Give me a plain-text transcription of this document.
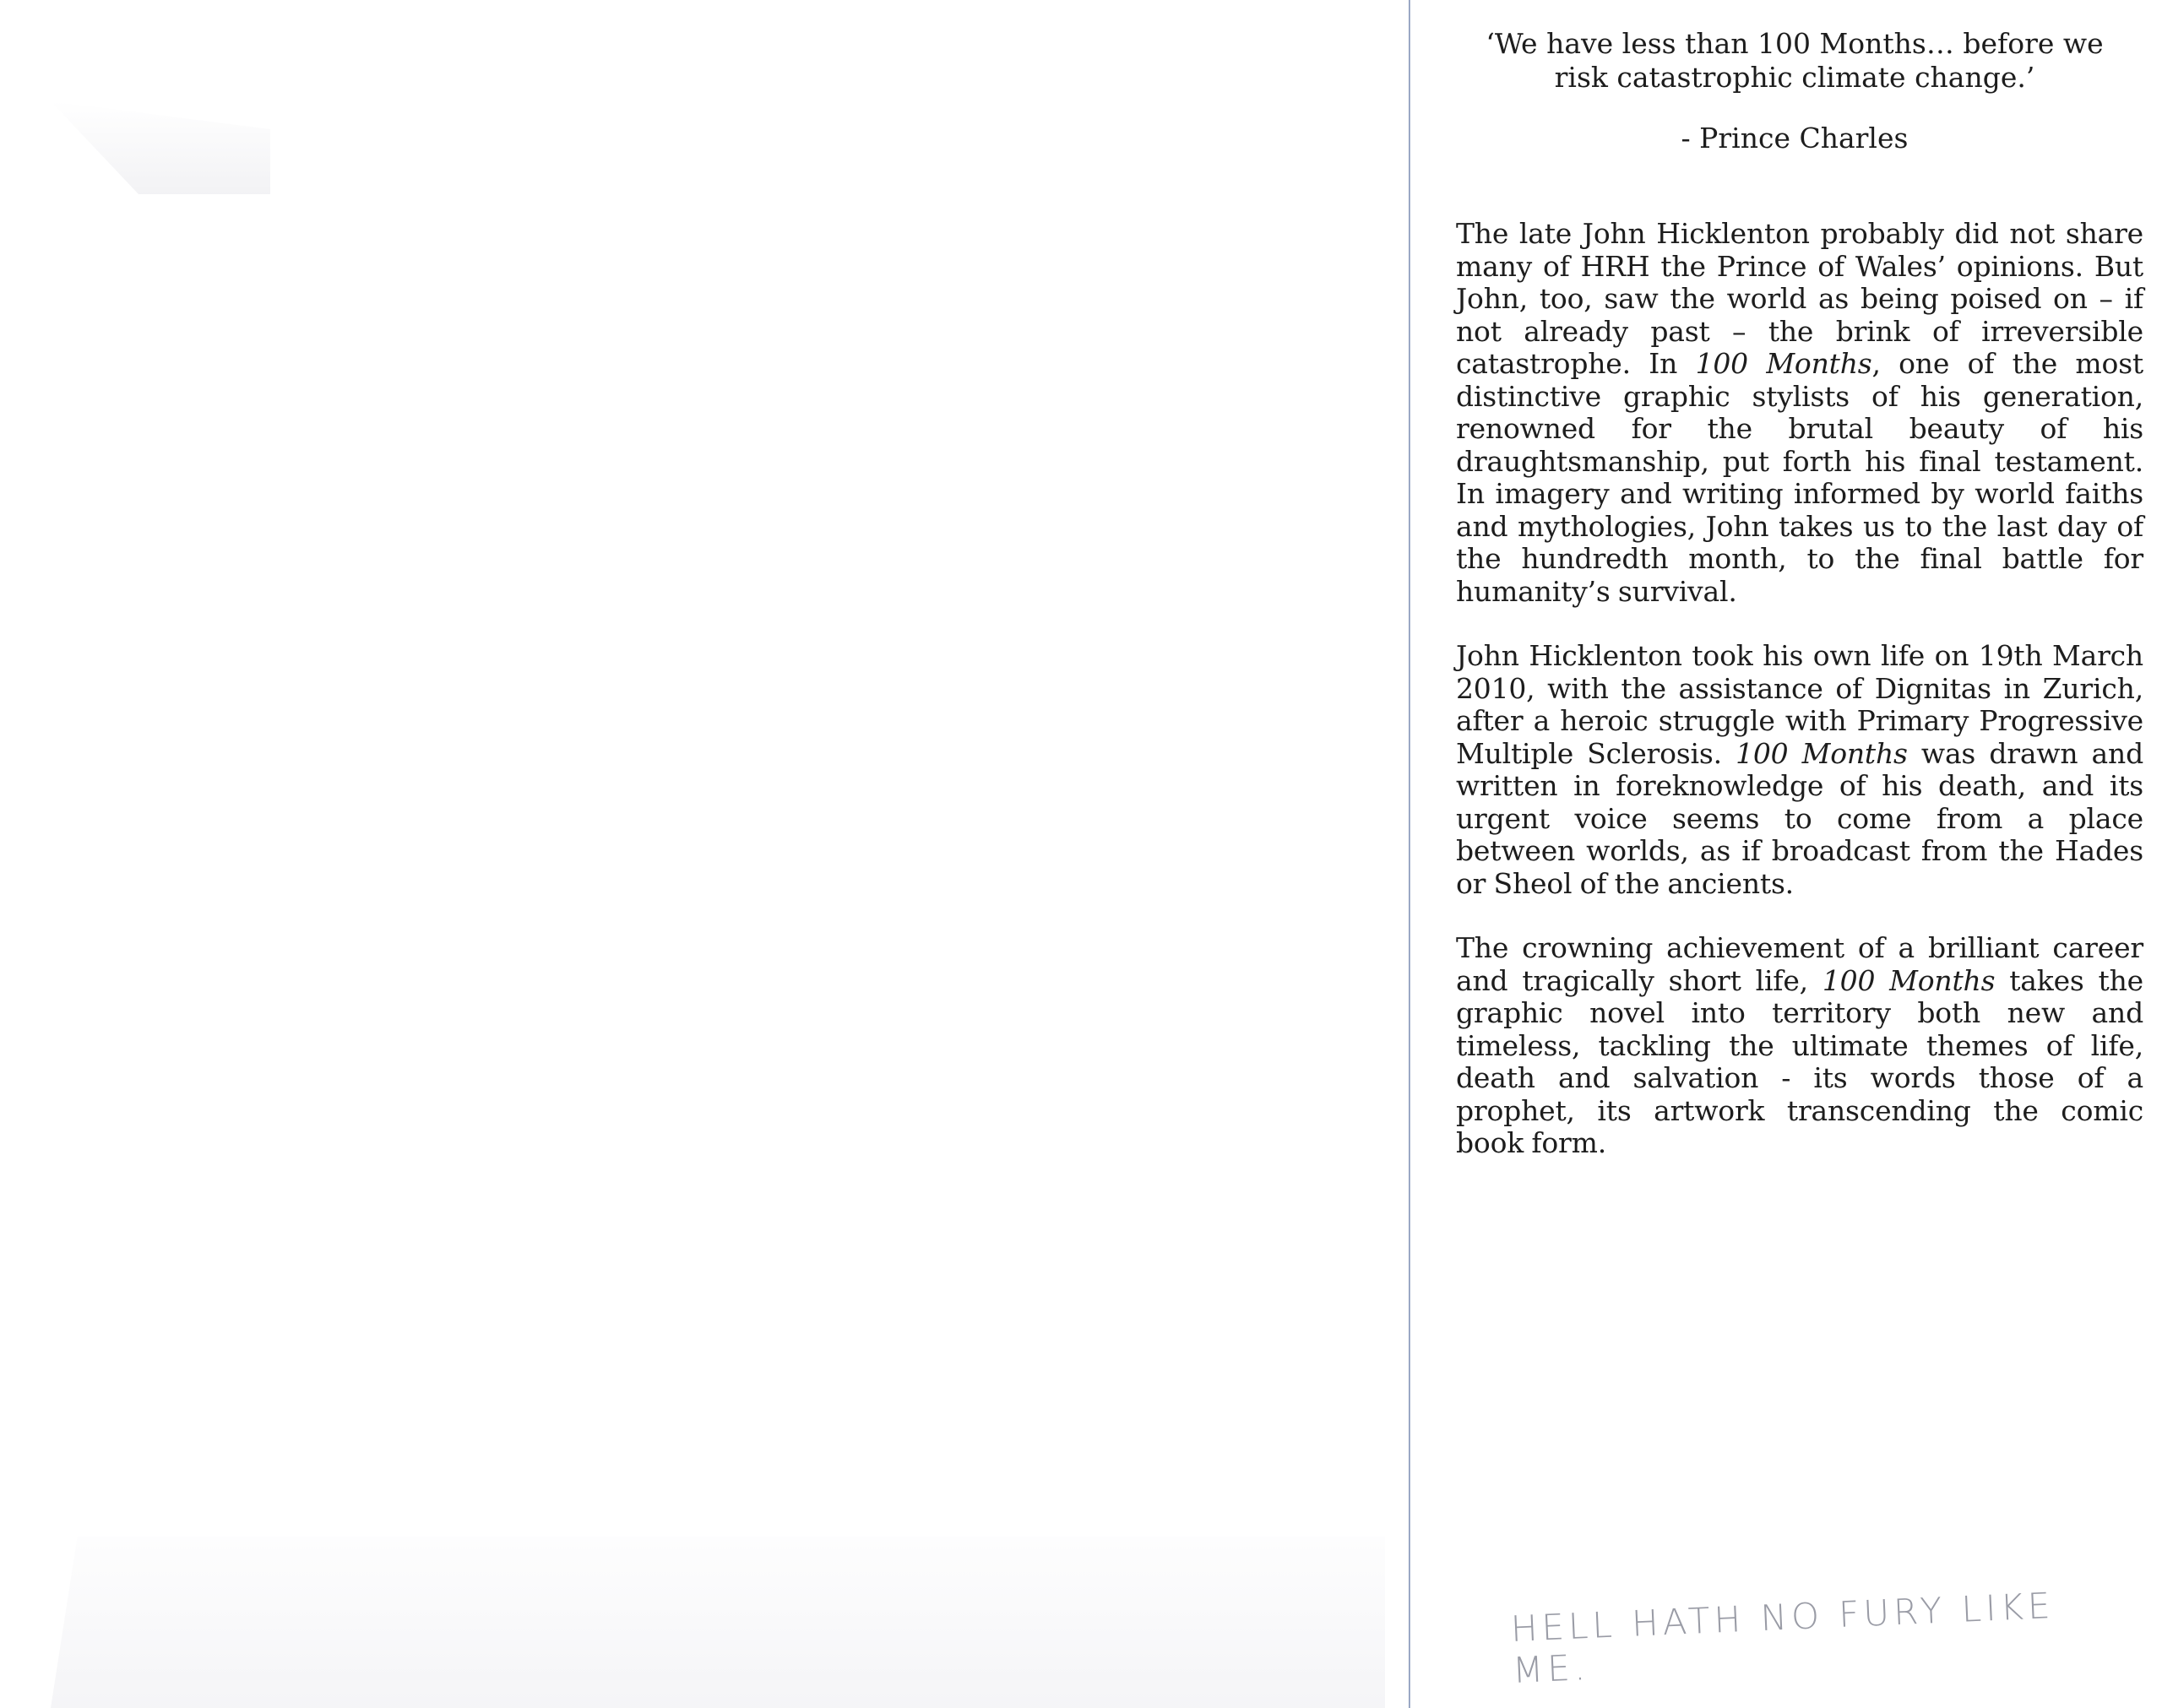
‘We have less than 100 Months… before we risk catastrophic climate change.’

- Prince Charles

The late John Hicklenton probably did not share many of HRH the Prince of Wales’ opinions. But John, too, saw the world as being poised on – if not already past – the brink of irreversible catastrophe. In 100 Months, one of the most distinctive graphic stylists of his generation, renowned for the brutal beauty of his draughtsmanship, put forth his final testament. In imagery and writing informed by world faiths and mythologies, John takes us to the last day of the hundredth month, to the final battle for humanity’s survival.

John Hicklenton took his own life on 19th March 2010, with the assistance of Dignitas in Zurich, after a heroic struggle with Primary Progressive Multiple Sclerosis. 100 Months was drawn and written in foreknowledge of his death, and its urgent voice seems to come from a place between worlds, as if broadcast from the Hades or Sheol of the ancients.

The crowning achievement of a brilliant career and tragically short life, 100 Months takes the graphic novel into territory both new and timeless, tackling the ultimate themes of life, death and salvation - its words those of a prophet, its artwork transcending the comic book form.

HELL HATH NO FURY LIKE ME.
